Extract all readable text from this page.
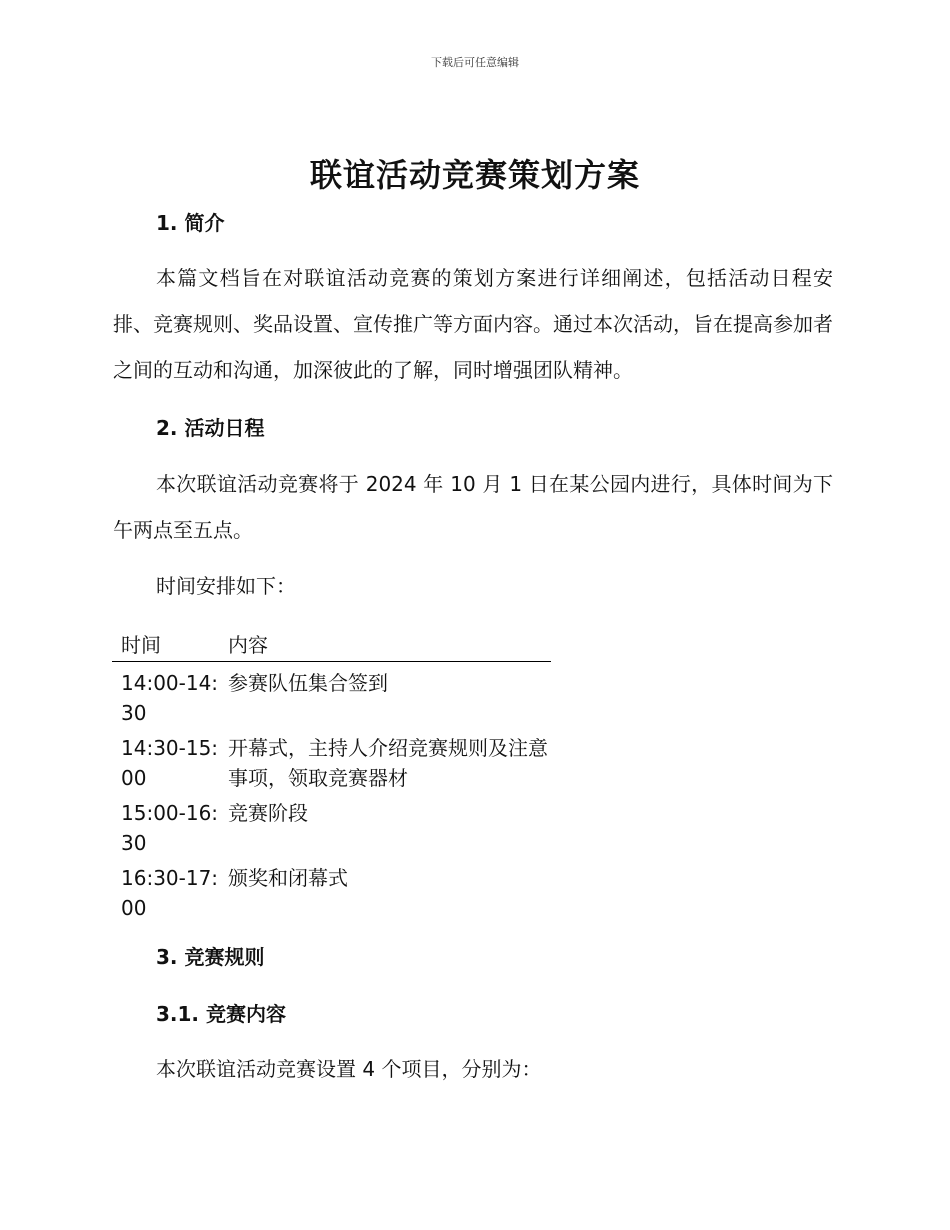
下载后可任意编辑
联谊活动竞赛策划方案
1. 简介

本篇文档旨在对联谊活动竞赛的策划方案进行详细阐述，包括活动日程安排、竞赛规则、奖品设置、宣传推广等方面内容。通过本次活动，旨在提高参加者之间的互动和沟通，加深彼此的了解，同时增强团队精神。

2. 活动日程

本次联谊活动竞赛将于 2024 年 10 月 1 日在某公园内进行，具体时间为下午两点至五点。

时间安排如下：

时间	内容
14:00-14:30
参赛队伍集合签到
14:30-15:00
开幕式，主持人介绍竞赛规则及注意事项，领取竞赛器材
15:00-16:30
竞赛阶段
16:30-17:00
颁奖和闭幕式
3. 竞赛规则
3.1. 竞赛内容

本次联谊活动竞赛设置 4 个项目，分别为：
